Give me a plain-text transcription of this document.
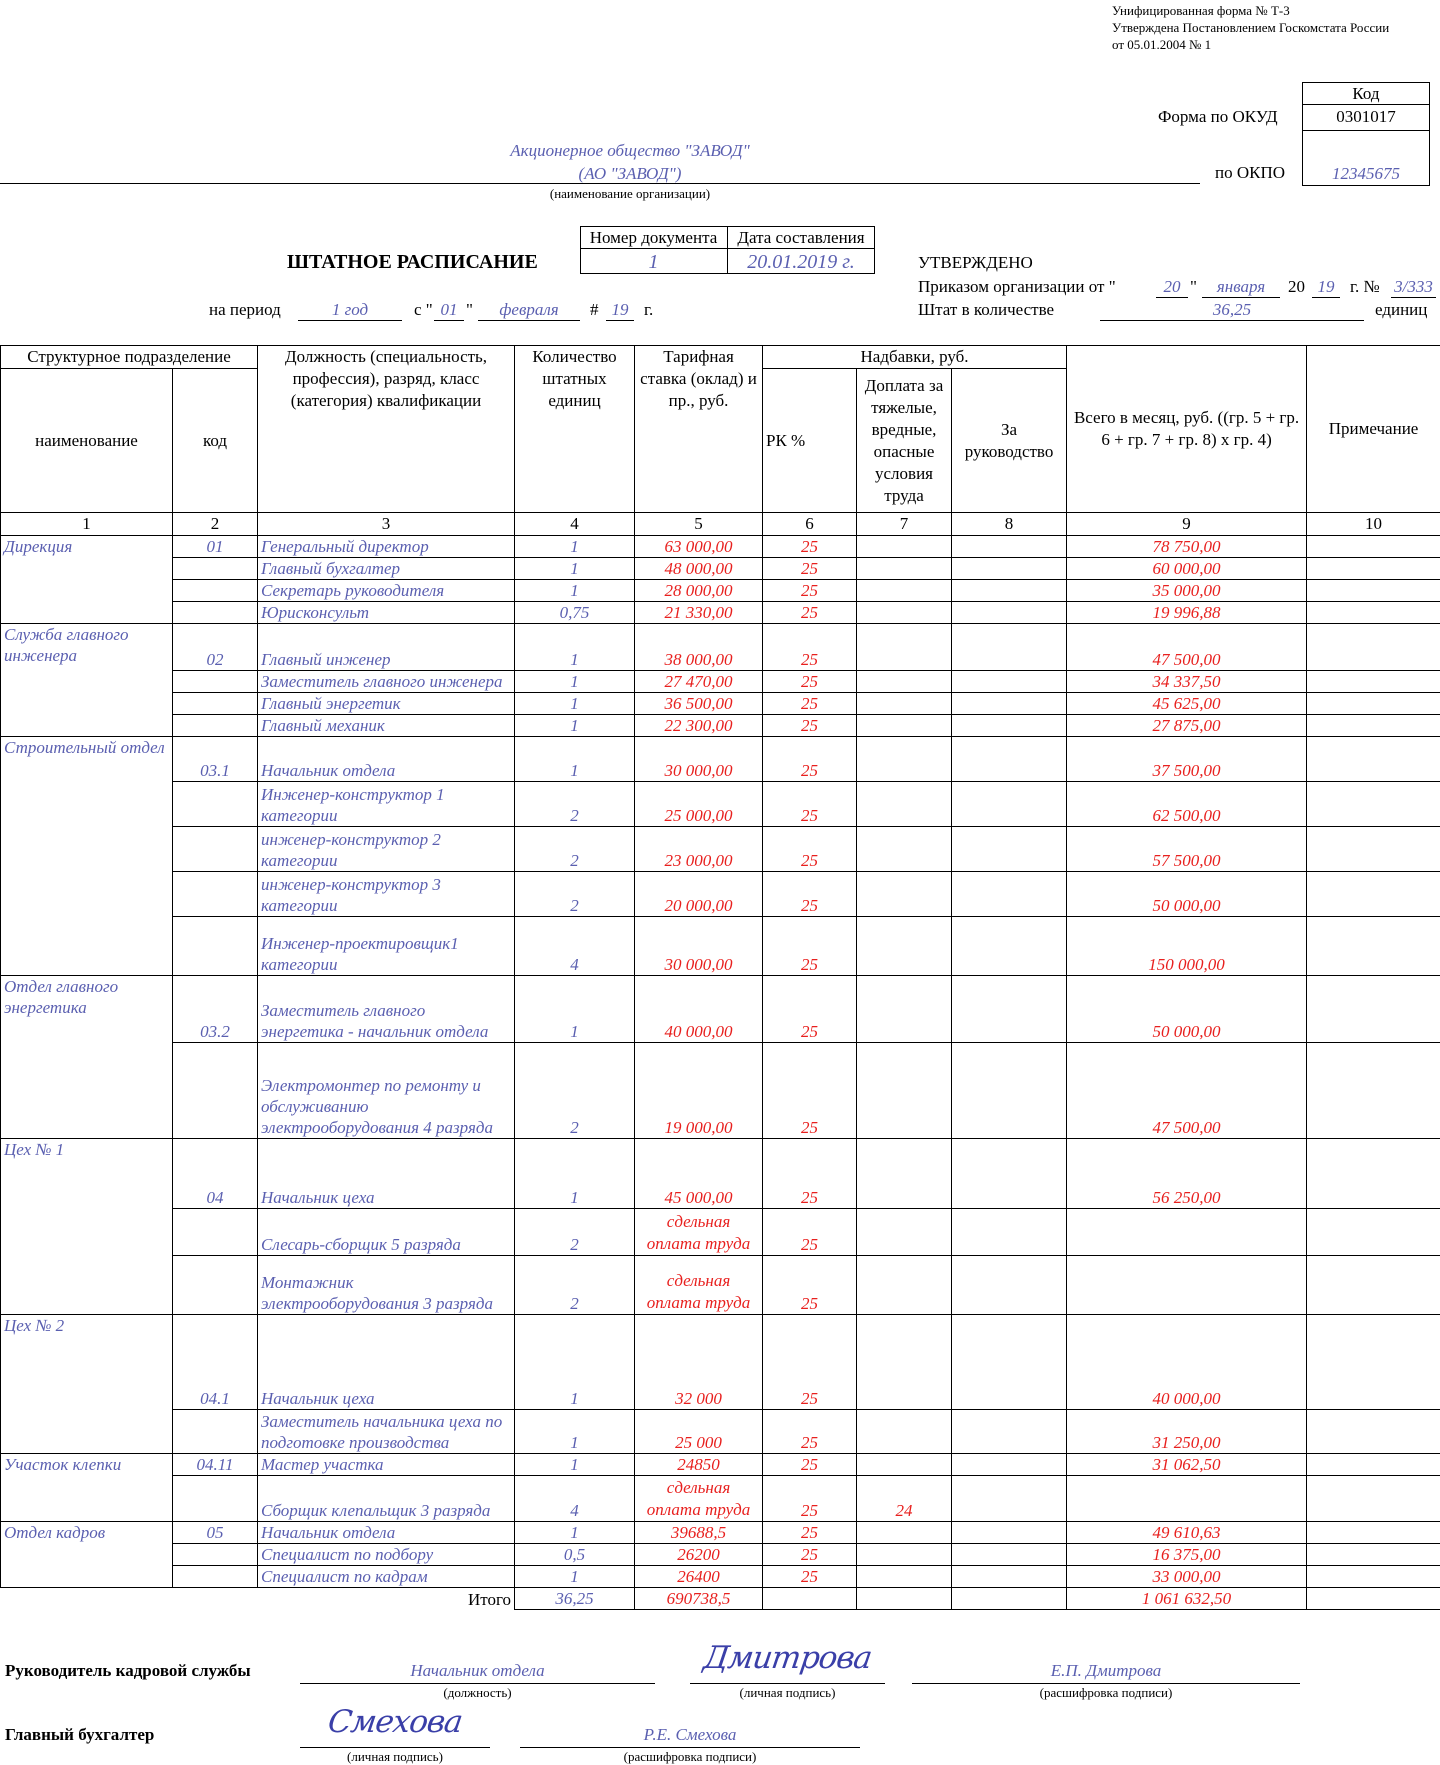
Унифицированная форма № Т-3
Утверждена Постановлением Госкомстата России
от 05.01.2004 № 1
Код
0301017
12345675
Форма по ОКУД
по ОКПО
Акционерное общество "ЗАВОД"
(АО "ЗАВОД")
(наименование организации)
Номер документа	Дата составления
1	20.01.2019 г.
ШТАТНОЕ РАСПИСАНИЕ
на период	1 год	с " 01 "	февраля	# 19 г.
УТВЕРЖДЕНО
Приказом организации от "	20 "	января	20 19 г. № 3/333
Штат в количестве	36,25	единиц
Структурное подразделение		Должность (специальность, профессия), разряд, класс (категория) квалификации	Количество штатных единиц	Тарифная ставка (оклад) и пр., руб.	Надбавки, руб.			Всего в месяц, руб. ((гр. 5 + гр. 6 + гр. 7 + гр. 8) х гр. 4)	Примечание
наименование	код				РК %	Доплата за тяжелые, вредные, опасные условия труда	За руководство		
1	2	3	4	5	6	7	8	9	10
Дирекция	01	Генеральный директор	1	63 000,00	25			78 750,00	
		Главный бухгалтер	1	48 000,00	25			60 000,00	
		Секретарь руководителя	1	28 000,00	25			35 000,00	
		Юрисконсульт	0,75	21 330,00	25			19 996,88	
Служба главного инженера	02	Главный инженер	1	38 000,00	25			47 500,00	
		Заместитель главного инженера	1	27 470,00	25			34 337,50	
		Главный энергетик	1	36 500,00	25			45 625,00	
		Главный механик	1	22 300,00	25			27 875,00	
Строительный отдел	03.1	Начальник отдела	1	30 000,00	25			37 500,00	
		Инженер-конструктор 1 категории	2	25 000,00	25			62 500,00	
		инженер-конструктор 2 категории	2	23 000,00	25			57 500,00	
		инженер-конструктор 3 категории	2	20 000,00	25			50 000,00	
		Инженер-проектировщик1 категории	4	30 000,00	25			150 000,00	
Отдел главного энергетика	03.2	Заместитель главного энергетика - начальник отдела	1	40 000,00	25			50 000,00	
		Электромонтер по ремонту и обслуживанию электрооборудования 4 разряда	2	19 000,00	25			47 500,00	
Цех № 1	04	Начальник цеха	1	45 000,00	25			56 250,00	
		Слесарь-сборщик 5 разряда	2	сдельная оплата труда	25				
		Монтажник электрооборудования 3 разряда	2	сдельная оплата труда	25				
Цех № 2	04.1	Начальник цеха	1	32 000	25			40 000,00	
		Заместитель начальника цеха по подготовке производства	1	25 000	25			31 250,00	
Участок клепки	04.11	Мастер участка	1	24850	25			31 062,50	
		Сборщик клепальщик 3 разряда	4	сдельная оплата труда	25	24			
Отдел кадров	05	Начальник отдела	1	39688,5	25			49 610,63	
		Специалист по подбору	0,5	26200	25			16 375,00	
		Специалист по кадрам	1	26400	25			33 000,00	
		Итого	36,25	690738,5				1 061 632,50	
Руководитель кадровой службы	Начальник отдела
(должность)
Дмитрова
(личная подпись)
Е.П. Дмитрова
(расшифровка подписи)
Главный бухгалтер	Смехова
(личная подпись)
Р.Е. Смехова
(расшифровка подписи)
